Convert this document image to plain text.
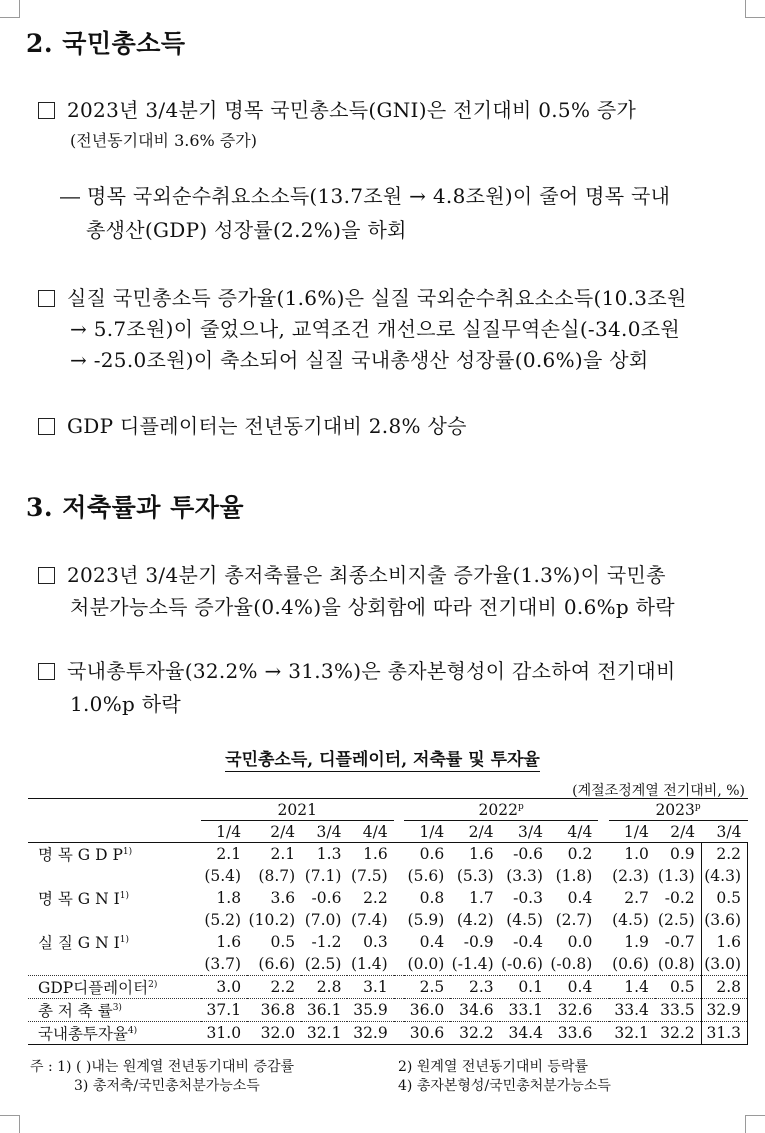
2. 국민총소득
2023년 3/4분기 명목 국민총소득(GNI)은 전기대비 0.5% 증가
(전년동기대비 3.6% 증가)
― 명목 국외순수취요소소득(13.7조원 → 4.8조원)이 줄어 명목 국내
총생산(GDP) 성장률(2.2%)을 하회
실질 국민총소득 증가율(1.6%)은 실질 국외순수취요소소득(10.3조원
→ 5.7조원)이 줄었으나, 교역조건 개선으로 실질무역손실(-34.0조원
→ -25.0조원)이 축소되어 실질 국내총생산 성장률(0.6%)을 상회
GDP 디플레이터는 전년동기대비 2.8% 상승
3. 저축률과 투자율
2023년 3/4분기 총저축률은 최종소비지출 증가율(1.3%)이 국민총
처분가능소득 증가율(0.4%)을 상회함에 따라 전기대비 0.6%p 하락
국내총투자율(32.2% → 31.3%)은 총자본형성이 감소하여 전기대비
1.0%p 하락
국민총소득, 디플레이터, 저축률 및 투자율
(계절조정계열 전기대비, %)
	2021					2022$^p$					2023$^p$
	1/4	2/4	3/4	4/4		1/4	2/4	3/4	4/4		1/4	2/4	3/4
명 목 G D $P^{1)}$	2.1	2.1	1.3	1.6		0.6	1.6	-0.6	0.2		1.0	0.9	2.2
	(5.4)	(8.7)	(7.1)	(7.5)		(5.6)	(5.3)	(3.3)	(1.8)		(2.3)	(1.3)	(4.3)
명 목 G N $I^{1)}$	1.8	3.6	-0.6	2.2		0.8	1.7	-0.3	0.4		2.7	-0.2	0.5
	(5.2)	(10.2)	(7.0)	(7.4)		(5.9)	(4.2)	(4.5)	(2.7)		(4.5)	(2.5)	(3.6)
실 질 G N $I^{1)}$	1.6	0.5	-1.2	0.3		0.4	-0.9	-0.4	0.0		1.9	-0.7	1.6
	(3.7)	(6.6)	(2.5)	(1.4)		(0.0)	(-1.4)	(-0.6)	(-0.8)		(0.6)	(0.8)	(3.0)
GDP디플레이터$^{2)}$	3.0	2.2	2.8	3.1		2.5	2.3	0.1	0.4		1.4	0.5	2.8
총 저 축 률$^{3)}$	37.1	36.8	36.1	35.9		36.0	34.6	33.1	32.6		33.4	33.5	32.9
국내총투자율$^{4)}$	31.0	32.0	32.1	32.9		30.6	32.2	34.4	33.6		32.1	32.2	31.3
주 : 1) ( )내는 원계열 전년동기대비 증감률	2) 원계열 전년동기대비 등락률
3) 총저축/국민총처분가능소득	4) 총자본형성/국민총처분가능소득
